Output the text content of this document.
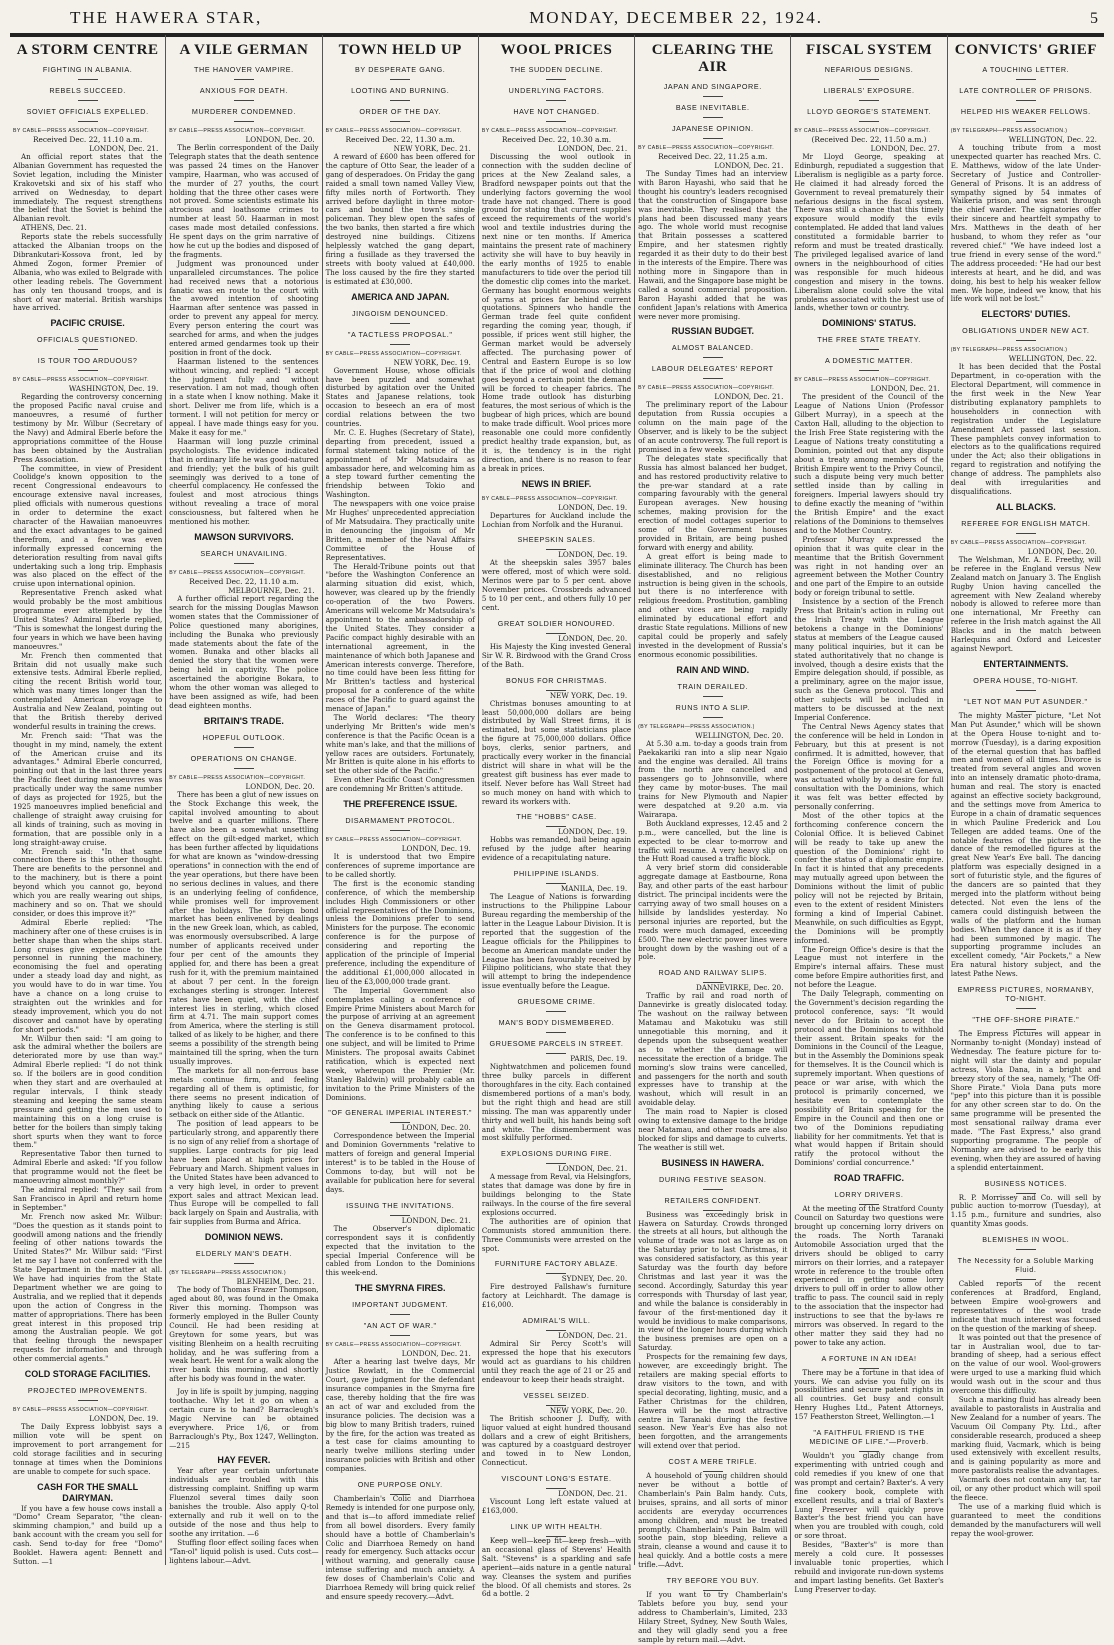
THE HAWERA STAR,	MONDAY, DECEMBER 22, 1924.	5
A STORM CENTRE
FIGHTING IN ALBANIA.
REBELS SUCCEED.
SOVIET OFFICIALS EXPELLED.
BY CABLE—PRESS ASSOCIATION—COPYRIGHT.
Received Dec. 22, 11.10 a.m.
LONDON, Dec. 21.

An official report states that the Albanian Government has requested the Soviet legation, including the Minister Krakovetski and six of his staff who arrived on Wednesday, to depart immediately. The request strengthens the belief that the Soviet is behind the Albanian revolt.

ATHENS, Dec. 21.

Reports state the rebels successfully attacked the Albanian troops on the Dibrankutari-Kossova front, led by Ahmed Zogon, former Premier of Albania, who was exiled to Belgrade with other leading rebels. The Government has only ten thousand troops, and is short of war material. British warships have arrived.

PACIFIC CRUISE.
OFFICIALS QUESTIONED.
IS TOUR TOO ARDUOUS?
BY CABLE—PRESS ASSOCIATION—COPYRIGHT.
WASHINGTON, Dec. 19.

Regarding the controversy concerning the proposed Pacific naval cruise and manoeuvres, a resumé of further testimony by Mr. Wilbur (Secretary of the Navy) and Admiral Eberle before the appropriations committee of the House has been obtained by the Australian Press Association.

The committee, in view of President Coolidge's known opposition to the recent Congressional endeavours to encourage extensive naval increases, plied officials with numerous questions in order to determine the exact character of the Hawaiian manoeuvres and the exact advantages to be gained therefrom, and a fear was even informally expressed concerning the deterioration resulting from naval gifts undertaking such a long trip. Emphasis was also placed on the effect of the cruise upon international opinion.

Representative French asked what would probably be the most ambitious programme ever attempted by the United States? Admiral Eberle replied, "This is somewhat the longest during the four years in which we have been having manoeuvres."

Mr. French then commented that Britain did not usually make such extensive tests. Admiral Eberle replied, citing the recent British world tour, which was many times longer than the contemplated American voyage to Australia and New Zealand, pointing out that the British thereby derived wonderful results in training the crews.

Mr. French said: "That was the thought in my mind, namely, the extent of the American cruise and its advantages." Admiral Eberle concurred, pointing out that in the last three years the Pacific fleet during manoeuvres was practically under way the same number of days as projected for 1925, but the 1925 manoeuvres implied beneficial and challenge of straight away cruising for all kinds of training, such as moving in formation, that are possible only in a long straight-away cruise.

Mr. French said: "In that same connection there is this other thought. There are benefits to the personnel and to the machinery, but is there a point beyond which you cannot go, beyond which you are really wearing out ships, machinery and so on. That we should consider, or does this improve it?"

Admiral Eberle replied: "The machinery after one of these cruises is in better shape than when the ships start. Long cruises give experience to the personnel in running the machinery, economising the fuel and operating under a steady load day and night, as you would have to do in war time. You have a chance on a long cruise to straighten out the wrinkles and for steady improvement, which you do not discover and cannot have by operating for short periods."

Mr. Wilbur then said: "I am going to ask the admiral whether the boilers are deteriorated more by use than way." Admiral Eberle replied: "I do not think so. If the boilers are in good condition when they start and are overhauled at regular intervals, I think steady steaming and keeping the same steam pressure and getting the men used to maintaining this on a long cruise is better for the boilers than simply taking short spurts when they want to force them."

Representative Tabor then turned to Admiral Eberle and asked: "If you follow that programme would not the fleet be manoeuvring almost monthly?"

The admiral replied: "They sail from San Francisco in April and return home in September."

Mr. French now asked Mr. Wilbur: "Does the question as it stands point to goodwill among nations and the friendly feeling of other nations towards the United States?" Mr. Wilbur said: "First let me say I have not conferred with the State Department in the matter at all. We have had inquiries from the State Department whether we are going to Australia, and we replied that it depends upon the action of Congress in the matter of appropriations. There has been great interest in this proposed trip among the Australian people. We got that feeling through the newspaper requests for information and through other commercial agents."

COLD STORAGE FACILITIES.
PROJECTED IMPROVEMENTS.
BY CABLE—PRESS ASSOCIATION—COPYRIGHT.
LONDON, Dec. 19.

The Daily Express lobbyist says a million vote will be spent on improvement to port arrangement for cold storage facilities and in securing tonnage at times when the Dominions are unable to compete for such space.

CASH FOR THE SMALL DAIRYMAN.

If you have a few house cows install a "Domo" Cream Separator, "the clean-skimming champion," and build up a bank account with the cream you sell for cash. Send to-day for free "Domo" Booklet. Hawera agent: Bennett and Sutton. —1

A VILE GERMAN
THE HANOVER VAMPIRE.
ANXIOUS FOR DEATH.
MURDERER CONDEMNED.
BY CABLE—PRESS ASSOCIATION—COPYRIGHT.
LONDON, Dec. 20.

The Berlin correspondent of the Daily Telegraph states that the death sentence was passed 24 times on the Hanover vampire, Haarman, who was accused of the murder of 27 youths, the court holding that the three other cases were not proved. Some scientists estimate his atrocious and loathsome crimes to number at least 50. Haarman in most cases made most detailed confessions. He spent days on the grim narrative of how he cut up the bodies and disposed of the fragments.

Judgment was pronounced under unparalleled circumstances. The police had received news that a notorious fanatic was en route to the court with the avowed intention of shooting Haarman after sentence was passed in order to prevent any appeal for mercy. Every person entering the court was searched for arms, and when the judges entered armed gendarmes took up their position in front of the dock.

Haarman listened to the sentences without wincing, and replied: "I accept the judgment fully and without reservation. I am not mad, though often in a state when I know nothing. Make it short. Deliver me from life, which is a torment. I will not petition for mercy or appeal. I have made things easy for you. Make it easy for me."

Haarman will long puzzle criminal psychologists. The evidence indicated that in ordinary life he was good-natured and friendly; yet the bulk of his guilt seemingly was derived to a tone of cheerful complacency. He confessed the foulest and most atrocious things without revealing a trace of moral consciousness, but faltered when he mentioned his mother.

MAWSON SURVIVORS.
SEARCH UNAVAILING.
BY CABLE—PRESS ASSOCIATION—COPYRIGHT.
Received Dec. 22, 11.10 a.m.
MELBOURNE, Dec. 21.

A further official report regarding the search for the missing Douglas Mawson women states that the Commissioner of Police questioned many aborigines, including the Bunaka who previously made statements about the fate of the women. Bunaka and other blacks all denied the story that the women were being held in captivity. The police ascertained the aborigine Bokara, to whom the other woman was alleged to have been assigned as wife, had been dead eighteen months.

BRITAIN'S TRADE.
HOPEFUL OUTLOOK.
OPERATIONS ON CHANGE.
BY CABLE—PRESS ASSOCIATION—COPYRIGHT.
LONDON, Dec. 20.

There has been a glut of new issues on the Stock Exchange this week, the capital involved amounting to about twelve and a quarter millions. There have also been a somewhat unsettling effect on the gilt-edged market, which has been further affected by liquidations for what are known as "window-dressing operations" in connection with the end of the year operations, but there have been no serious declines in values, and there is an underlying feeling of confidence, while promises well for improvement after the holidays. The foreign bond market has been enlivened by dealings in the new Greek loan, which, as cabled, was enormously oversubscribed. A large number of applicants received under four per cent of the amounts they applied for, and there has been a great rush for it, with the premium maintained at about 7 per cent. In the foreign exchanges sterling is stronger. Interest rates have been quiet, with the chief interest lies in sterling, which closed firm at 4.71. The main support comes from America, where the sterling is still talked of as likely to be higher, and there seems a possibility of the strength being maintained till the spring, when the turn usually improves.

The markets for all non-ferrous base metals continue firm, and feeling regarding all of them is optimistic, for there seems no present indication of anything likely to cause a serious setback on either side of the Atlantic.

The position of lead appears to be particularly strong, and apparently there is no sign of any relief from a shortage of supplies. Large contracts for pig lead have been placed at high prices for February and March. Shipment values in the United States have been advanced to a very high level, in order to prevent export sales and attract Mexican lead. Thus Europe will be compelled to fall back largely on Spain and Australia, with fair supplies from Burma and Africa.

DOMINION NEWS.
ELDERLY MAN'S DEATH.
(BY TELEGRAPH—PRESS ASSOCIATION.)
BLENHEIM, Dec. 21.

The body of Thomas Frazer Thompson, aged about 80, was found in the Omaka River this morning. Thompson was formerly employed in the Buller County Council. He had been residing at Greytown for some years, but was visiting Blenheim on a health recruiting holiday, and he was suffering from a weak heart. He went for a walk along the river bank this morning, and shortly after his body was found in the water.

Joy in life is spoilt by jumping, nagging toothache. Why let it go on when a certain cure is to hand? Barracleugh's Magic Nervine can be obtained everywhere. Price 1/6, or from Barraclough's Pty., Box 1247, Wellington. —215

HAY FEVER.

Year after year certain unfortunate individuals are troubled with this distressing complaint. Sniffing up warm Fluenzol several times daily soon banishes the trouble. Also apply Q-tol externally and rub it well on to the outside of the nose and thus help to soothe any irritation. —6

Stuffing floor effect soiling faces when "Tan-ol" liquid polish is used. Cuts cost—lightens labour.—Advt.

TOWN HELD UP
BY DESPERATE GANG.
LOOTING AND BURNING.
ORDER OF THE DAY.
BY CABLE—PRESS ASSOCIATION—COPYRIGHT.
Received Dec. 22, 11.30 a.m.
NEW YORK, Dec. 21.

A reward of £600 has been offered for the capture of Otto Sear, the leader of a gang of desperadoes. On Friday the gang raided a small town named Valley View, fifty miles north of Fortworth. They arrived before daylight in three motor-cars and bound the town's single policeman. They blew open the safes of the two banks, then started a fire which destroyed nine buildings. Citizens helplessly watched the gang depart, firing a fusillade as they traversed the streets with booty valued at £40,000. The loss caused by the fire they started is estimated at £30,000.

AMERICA AND JAPAN.
JINGOISM DENOUNCED.
"A TACTLESS PROPOSAL."
BY CABLE—PRESS ASSOCIATION—COPYRIGHT.
NEW YORK, Dec. 19.

Government House, whose officials have been puzzled and somewhat disturbed by agitation over the United States and Japanese relations, took occasion to beseech an era of most cordial relations between the two countries.

Mr. C. E. Hughes (Secretary of State), departing from precedent, issued a formal statement taking notice of the appointment of Mr Matsudaira as ambassador here, and welcoming him as a step toward further cementing the friendship between Tokio and Washington.

The newspapers with one voice praise Mr Hughes' unprecedented appreciation of Mr Matsudaira. They practically unite in denouncing the jingoism of Mr Britten, a member of the Naval Affairs Committee of the House of Representatives.

The Herald-Tribune points out that "before the Washington Conference an alarming situation did exist, which, however, was cleared up by the friendly co-operation of the two Powers. Americans will welcome Mr Matsudaira's appointment to the ambassadorship of the United States. They consider a Pacific compact highly desirable with an international agreement, in the maintenance of which both Japanese and American interests converge. Therefore, no time could have been less fitting for Mr Britten's tactless and hysterical proposal for a conference of the white races of the Pacific to guard against the menace of Japan."

The World declares: "The theory underlying Mr Britten's wide men's conference is that the Pacific Ocean is a white man's lake, and that the millions of yellow races are outsiders. Fortunately, Mr Britten is quite alone in his efforts to set the other side of the Pacific."

Even other Pacific Coast Congressmen are condemning Mr Britten's attitude.

THE PREFERENCE ISSUE.
DISARMAMENT PROTOCOL.
BY CABLE—PRESS ASSOCIATION—COPYRIGHT.
LONDON, Dec. 19.

It is understood that two Empire conferences of supreme importance are to be called shortly.

The first is the economic standing conference, of which the membership includes High Commissioners or other official representatives of the Dominions, unless the Dominions prefer to send Ministers for the purpose. The economic conference is for the purpose of considering and reporting the application of the principle of Imperial preference, including the expenditure of the additional £1,000,000 allocated in lieu of the £3,000,000 trade grant.

The Imperial Government also contemplates calling a conference of Empire Prime Ministers about March for the purpose of arriving at an agreement on the Geneva disarmament protocol. The conference is to be confined to this one subject, and will be limited to Prime Ministers. The proposal awaits Cabinet ratification, which is expected next week, whereupon the Premier (Mr. Stanley Baldwin) will probably cable an invitation to the Prime Ministers of the Dominions.

"OF GENERAL IMPERIAL INTEREST."
LONDON, Dec. 20.

Correspondence between the Imperial and Dominion Governments "relative to matters of foreign and general Imperial interest" is to be tabled in the House of Commons to-day, but will not be available for publication here for several days.

ISSUING THE INVITATIONS.
LONDON, Dec. 21.

The Observer's diplomatic correspondent says it is confidently expected that the invitation to the special Imperial Conference will be cabled from London to the Dominions this week-end.

THE SMYRNA FIRES.
IMPORTANT JUDGMENT.
"AN ACT OF WAR."
BY CABLE—PRESS ASSOCIATION—COPYRIGHT.
LONDON, Dec. 21.

After a hearing last twelve days, Mr Justice Rowlatt, in the Commercial Court, gave judgment for the defendant insurance companies in the Smyrna fire case, thereby holding that the fire was an act of war and excluded from the insurance policies. The decision was a big blow to many British traders, ruined by the fire, for the action was treated as a test case for claims amounting to nearly twelve millions sterling under insurance policies with British and other companies.

ONE PURPOSE ONLY.

Chamberlain's Colic and Diarrhoea Remedy is intended for one purpose only, and that is—to afford immediate relief from all bowel disorders. Every family should have a bottle of Chamberlain's Colic and Diarrhoea Remedy on hand ready for emergency. Such attacks occur without warning, and generally cause intense suffering and much anxiety. A few doses of Chamberlain's Colic and Diarrhoea Remedy will bring quick relief and ensure speedy recovery.—Advt.

WOOL PRICES
THE SUDDEN DECLINE.
UNDERLYING FACTORS.
HAVE NOT CHANGED.
BY CABLE—PRESS ASSOCIATION—COPYRIGHT.
Received Dec. 22, 10.30 a.m.
LONDON, Dec. 21.

Discussing the wool outlook in connection with the sudden decline of prices at the New Zealand sales, a Bradford newspaper points out that the underlying factors governing the wool trade have not changed. There is good ground for stating that current supplies exceed the requirements of the world's wool and textile industries during the next nine or ten months. If America maintains the present rate of machinery activity she will have to buy heavily in the early months of 1925 to enable manufacturers to tide over the period till the domestic clip comes into the market. Germany has bought enormous weights of yarns at prices far behind current quotations. Spinners who handle the German trade feel quite confident regarding the coming year, though, if possible, if prices went still higher, the German market would be adversely affected. The purchasing power of Central and Eastern Europe is so low that if the price of wool and clothing goes beyond a certain point the demand will be forced to cheaper fabrics. The Home trade outlook has disturbing features, the most serious of which is the bugbear of high prices, which are bound to make trade difficult. Wool prices more reasonable one could more confidently predict healthy trade expansion, but, as it is, the tendency is in the right direction, and there is no reason to fear a break in prices.

NEWS IN BRIEF.
BY CABLE—PRESS ASSOCIATION—COPYRIGHT.
LONDON, Dec. 19.

Departures for Auckland include the Lochian from Norfolk and the Huranui.

SHEEPSKIN SALES.
LONDON, Dec. 19.

At the sheepskin sales 3957 bales were offered, most of which were sold. Merinos were par to 5 per cent. above November prices. Crossbreds advanced 5 to 10 per cent., and others fully 10 per cent.

GREAT SOLDIER HONOURED.
LONDON, Dec. 20.

His Majesty the King invested General Sir W. R. Birdwood with the Grand Cross of the Bath.

BONUS FOR CHRISTMAS.
NEW YORK, Dec. 19.

Christmas bonuses amounting to at least 50,000,000 dollars are being distributed by Wall Street firms, it is estimated, but some statisticians place the figure at 75,000,000 dollars. Office boys, clerks, senior partners, and practically every worker in the financial district will share in what will be the greatest gift business has ever made to itself. Never before has Wall Street had so much money on hand with which to reward its workers with.

THE "HOBBS" CASE.
LONDON, Dec. 19.

Hobbs was remanded, bail being again refused by the judge after hearing evidence of a recapitulating nature.

PHILIPPINE ISLANDS.
MANILA, Dec. 19.

The League of Nations is forwarding instructions to the Philippine Labour Bureau regarding the membership of the latter in the League Labour Division. It is reported that the suggestion of the League officials for the Philippines to become an American mandate under the League has been favourably received by Filipino politicians, who state that they will attempt to bring the independence issue eventually before the League.

GRUESOME CRIME.
MAN'S BODY DISMEMBERED.
GRUESOME PARCELS IN STREET.
PARIS, Dec. 19.

Nightwatchmen and policemen found three bulky parcels in different thoroughfares in the city. Each contained dismembered portions of a man's body, but the right thigh and head are still missing. The man was apparently under thirty and well built, his hands being soft and white. The dismemberment was most skilfully performed.

EXPLOSIONS DURING FIRE.
LONDON, Dec. 21.

A message from Reval, via Helsingfors, states that damage was done by fire in buildings belonging to the State railways. In the course of the fire several explosions occurred.

The authorities are of opinion that Communists stored ammunition there. Three Communists were arrested on the spot.

FURNITURE FACTORY ABLAZE.
SYDNEY, Dec. 20.

Fire destroyed Fallshaw's furniture factory at Leichhardt. The damage is £16,000.

ADMIRAL'S WILL.
LONDON, Dec. 21.

Admiral Sir Percy Scott's will expressed the hope that his executors would act as guardians to his children until they reach the age of 21 or 25 and endeavour to keep their heads straight.

VESSEL SEIZED.
NEW YORK, Dec. 20.

The British schooner J. Duffy, with liquor valued at eight hundred thousand dollars and a crew of eight Britishers, was captured by a coastguard destroyer and towed in to New London, Connecticut.

VISCOUNT LONG'S ESTATE.
LONDON, Dec. 21.

Viscount Long left estate valued at £163,000.

LINK UP WITH HEALTH.

Keep well—keep fit—keep fresh—with an occasional glass of Stevens' Health Salt. "Stevens" is a sparkling and safe aperient—aids nature in a gentle natural way. Cleanses the system and purifies the blood. Of all chemists and stores. 2s 6d a bottle. 2

CLEARING THE AIR
JAPAN AND SINGAPORE.
BASE INEVITABLE.
JAPANESE OPINION.
BY CABLE—PRESS ASSOCIATION—COPYRIGHT.
Received Dec. 22, 11.25 a.m.
LONDON, Dec. 21.

The Sunday Times had an interview with Baron Hayashi, who said that he thought his country's leaders recognised that the construction of Singapore base was inevitable. They realised that the plans had been discussed many years ago. The whole world must recognise that Britain possesses a scattered Empire, and her statesmen rightly regarded it as their duty to do their best in the interests of the Empire. There was nothing more in Singapore than in Hawaii, and the Singapore base might be called a sound commercial proposition. Baron Hayashi added that he was confident Japan's relations with America were never more promising.

RUSSIAN BUDGET.
ALMOST BALANCED.
LABOUR DELEGATES' REPORT
BY CABLE—PRESS ASSOCIATION—COPYRIGHT.
LONDON, Dec. 21.

The preliminary report of the Labour deputation from Russia occupies a column on the main page of the Observer, and is likely to be the subject of an acute controversy. The full report is promised in a few weeks.

The delegates state specifically that Russia has almost balanced her budget, and has restored productivity relative to the pre-war standard at a rate comparing favourably with the general European averages. New housing schemes, making provision for the erection of model cottages superior to some of the Government houses provided in Britain, are being pushed forward with energy and ability.

A great effort is being made to eliminate illiteracy. The Church has been disestablished, and no religious instruction is being given in the schools, but there is no interference with religious freedom. Prostitution, gambling and other vices are being rapidly eliminated by educational effort and drastic State regulations. Millions of new capital could be properly and safely invested in the development of Russia's enormous economic possibilities.

RAIN AND WIND.
TRAIN DERAILED.
RUNS INTO A SLIP.
(BY TELEGRAPH—PRESS ASSOCIATION.)
WELLINGTON, Dec. 20.

At 5.30 a.m. to-day a goods train from Paekakariki ran into a slip near Ngaio and the engine was derailed. All trains from the north are cancelled and passengers go to Johnsonville, where they came by motor-buses. The mail trains for New Plymouth and Napier were despatched at 9.20 a.m. via Wairarapa.

Both Auckland expresses, 12.45 and 2 p.m., were cancelled, but the line is expected to be clear to-morrow and traffic will resume. A very heavy slip on the Hutt Road caused a traffic block.

A very brief storm did considerable aggregate damage at Eastbourne, Rona Bay, and other parts of the east harbour district. The principal incidents were the carrying away of two small houses on a hillside by landslides yesterday. No personal injuries are reported, but the roads were much damaged, exceeding £500. The new electric power lines were brought down by the washing out of a pole.

ROAD AND RAILWAY SLIPS.
DANNEVIRKE, Dec. 20.

Traffic by rail and road north of Dannevirke is greatly dislocated today. The washout on the railway between Matamau and Makotuku was still unnegotiable this morning, and it depends upon the subsequent weather as to whether the damage will necessitate the erection of a bridge. The morning's slow trains were cancelled, and passengers for the north and south expresses have to tranship at the washout, which will result in an avoidable delay.

The main road to Napier is closed owing to extensive damage to the bridge near Matamau, and other roads are also blocked for slips and damage to culverts. The weather is still wet.

BUSINESS IN HAWERA.
DURING FESTIVE SEASON.
RETAILERS CONFIDENT.

Business was exceedingly brisk in Hawera on Saturday. Crowds thronged the streets at all hours, but although the volume of trade was not as large as on the Saturday prior to last Christmas, it was considered satisfactory, as this year Saturday was the fourth day before Christmas and last year it was the second. Accordingly, Saturday this year corresponds with Thursday of last year, and while the balance is considerably in favour of the first-mentioned day it would be invidious to make comparisons, in view of the longer hours during which the business premises are open on a Saturday.

Prospects for the remaining few days, however, are exceedingly bright. The retailers are making special efforts to draw visitors to the town, and with special decorating, lighting, music, and a Father Christmas for the children, Hawera will be the most attractive centre in Taranaki during the festive season. New Year's Eve has also not been forgotten, and the arrangements will extend over that period.

COST A MERE TRIFLE.

A household of young children should never be without a bottle of Chamberlain's Pain Balm handy. Cuts, bruises, sprains, and all sorts of minor accidents are everyday occurrences among children, and must be treated promptly. Chamberlain's Pain Balm will soothe pain, stop bleeding, relieve a strain, cleanse a wound and cause it to heal quickly. And a bottle costs a mere trifle.—Advt.

TRY BEFORE YOU BUY.

If you want to try Chamberlain's Tablets before you buy, send your address to Chamberlain's, Limited, 233 Hilary Street, Sydney, New South Wales, and they will gladly send you a free sample by return mail.—Advt.

FISCAL SYSTEM
NEFARIOUS DESIGNS.
LIBERALS' EXPOSURE.
LLOYD GEORGE'S STATEMENT.
BY CABLE—PRESS ASSOCIATION—COPYRIGHT.
(Received Dec. 22, 11.50 a.m.)
LONDON, Dec. 27.

Mr Lloyd George, speaking at Edinburgh, repudiated a suggestion that Liberalism is negligible as a party force. He claimed it had already forced the Government to reveal prematurely their nefarious designs in the fiscal system. There was still a chance that this timely exposure would modify the evils contemplated. He added that land values constituted a formidable barrier to reform and must be treated drastically. The privileged legalised avarice of land owners in the neighbourhood of cities was responsible for much hideous congestion and misery in the towns. Liberalism alone could solve the vital problems associated with the best use of lands, whether town or country.

DOMINIONS' STATUS.
THE FREE STATE TREATY.
A DOMESTIC MATTER.
BY CABLE—PRESS ASSOCIATION—COPYRIGHT.
LONDON, Dec. 21.

The president of the Council of the League of Nations Union (Professor Gilbert Murray), in a speech at the Caxton Hall, alluding to the objection to the Irish Free State registering with the League of Nations treaty constituting a Dominion, pointed out that any dispute about a treaty among members of the British Empire went to the Privy Council, such a dispute being very much better settled inside than by calling in foreigners. Imperial lawyers should try to define exactly the meaning of "within the British Empire" and the exact relations of the Dominions to themselves and to the Mother Country.

Professor Murray expressed the opinion that it was quite clear in the meantime that the British Government was right in not handing over an agreement between the Mother Country and one part of the Empire to an outside body or foreign tribunal to settle.

Insistence by a section of the French Press that Britain's action in ruling out the Irish Treaty with the League betokens a change in the Dominions' status at members of the League caused many political inquiries, but it can be stated authoritatively that no change is involved, though a desire exists that the Empire delegation should, if possible, as a preliminary, agree on the major issue, such as the Geneva protocol. This and other subjects will be included in matters to be discussed at the next Imperial Conference.

The Central News Agency states that the conference will be held in London in February, but this at present is not confirmed. It is admitted, however, that the Foreign Office is moving for a postponement of the protocol at Geneva, was actuated wholly by a desire for full consultation with the Dominions, which it was felt was better effected by personally conferring.

Most of the other topics at the forthcoming conference concern the Colonial Office. It is believed Cabinet will be ready to take up anew the question of the Dominions' right to confer the status of a diplomatic empire. In fact it is hinted that any precedents may mutually agreed upon between the Dominions without the limit of public policy will not be rejected by Britain, even to the extent of resident Ministers forming a kind of Imperial Cabinet. Meanwhile, on such difficulties as Egypt, the Dominions will be promptly informed.

The Foreign Office's desire is that the League must not interfere in the Empire's internal affairs. These must come before Empire authorities first, and not before the League.

The Daily Telegraph, commenting on the Government's decision regarding the protocol conference, says: "It would never do for Britain to accept the protocol and the Dominions to withhold their assent. Britain speaks for the Dominions in the Council of the League, but in the Assembly the Dominions speak for themselves. It is the Council which is supremely important. When questions of peace or war arise, with which the protocol is primarily concerned, we hesitate even to contemplate the possibility of Britain speaking for the Empire in the Council and then one or two of the Dominions repudiating liability for her commitments. Yet that is what would happen if Britain should ratify the protocol without the Dominions' cordial concurrence."

ROAD TRAFFIC.
LORRY DRIVERS.

At the meeting of the Stratford County Council on Saturday two questions were brought up concerning lorry drivers on the roads. The North Taranaki Automobile Association urged that the drivers should be obliged to carry mirrors on their lorries, and a ratepayer wrote in reference to the trouble often experienced in getting some lorry drivers to pull off in order to allow other traffic to pass. The council said in reply to the association that the inspector had instructions to see that the by-laws re mirrors was observed. In regard to the other matter they said they had no power to take any action.

A FORTUNE IN AN IDEA!

There may be a fortune in that idea of yours. We can advise you fully on its possibilities and secure patent rights in all countries. Get busy and consult Henry Hughes Ltd., Patent Attorneys, 157 Featherston Street, Wellington.—1

"A FAITHFUL FRIEND IS THE MEDICINE OF LIFE."—Proverb.

Wouldn't you gladly change from experimenting with untried cough and cold remedies if you knew of one that was prompt and certain? Baxter's. A very fine cookery book, complete with excellent results, and a trial of Baxter's Lung Preserver will quickly prove Baxter's the best friend you can have when you are troubled with cough, cold or sore throat.

Besides, "Baxter's" is more than merely a cold cure. It possesses invaluable tonic properties, which rebuild and invigorate run-down systems and impart lasting benefits. Get Baxter's Lung Preserver to-day.

CONVICTS' GRIEF
A TOUCHING LETTER.
LATE CONTROLLER OF PRISONS.
HELPED HIS WEAKER FELLOWS.
(BY TELEGRAPH—PRESS ASSOCIATION.)
WELLINGTON, Dec. 22.

A touching tribute from a most unexpected quarter has reached Mrs. C. E. Matthews, widow of the late Under-Secretary of Justice and Controller-General of Prisons. It is an address of sympathy signed by 54 inmates of Waikeria prison, and was sent through the chief warder. The signatories offer their sincere and heartfelt sympathy to Mrs. Matthews in the death of her husband, to whom they refer as "our revered chief." "We have indeed lost a true friend in every sense of the word." The address proceeded: "He had our best interests at heart, and he did, and was doing, his best to help his weaker fellow men. We hope, indeed we know, that his life work will not be lost."

ELECTORS' DUTIES.
OBLIGATIONS UNDER NEW ACT.
(BY TELEGRAPH—PRESS ASSOCIATION.)
WELLINGTON, Dec. 22.

It has been decided that the Postal Department, in co-operation with the Electoral Department, will commence in the first week in the New Year distributing explanatory pamphlets to householders in connection with registration under the Legislature Amendment Act passed last session. These pamphlets convey information to electors as to the qualifications required under the Act; also their obligations in regard to registration and notifying the change of address. The pamphlets also deal with irregularities and disqualifications.

ALL BLACKS.
REFEREE FOR ENGLISH MATCH.
BY CABLE—PRESS ASSOCIATION—COPYRIGHT.
LONDON, Dec. 20.

The Welshman, Mr. A. E. Freethy, will be referee in the England versus New Zealand match on January 3. The English Rugby Union having cancelled the agreement with New Zealand whereby nobody is allowed to referee more than one international, Mr Freethy can referee in the Irish match against the All Blacks and in the match between Harlequins and Oxford and Leicester against Newport.

ENTERTAINMENTS.
OPERA HOUSE, TO-NIGHT.
"LET NOT MAN PUT ASUNDER."

The mighty Master picture, "Let Not Man Put Asunder," which will be shown at the Opera House to-night and to-morrow (Tuesday), is a daring exposition of the eternal question that has baffled men and women of all times. Divorce is treated from several angles and woven into an intensely dramatic photo-drama, human and real. The story is enacted against an effective society background, and the settings move from America to Europe in a chain of dramatic sequences in which Pauline Frederick and Lou Tellegen are added teams. One of the notable features of the picture is the dance of the remodelled figures at the great New Year's Eve ball. The dancing platform was especially designed in a sort of futuristic style, and the figures of the dancers are so painted that they merged into the platform without being detected. Not even the lens of the camera could distinguish between the walls of the platform and the human bodies. When they dance it is as if they had been summoned by magic. The supporting programme includes an excellent comedy, "Air Pockets," a New Era natural history subject, and the latest Pathe News.

EMPRESS PICTURES, NORMANBY, TO-NIGHT.
"THE OFF-SHORE PIRATE."

The Empress Pictures will appear in Normanby to-night (Monday) instead of Wednesday. The feature picture for to-night will star the dainty and popular actress, Viola Dana, in a bright and breezy story of the sea, namely, "The Off-Shore Pirate." Viola Dana puts more "pep" into this picture than it is possible for any other screen star to do. On the same programme will be presented the most sensational railway drama ever made. "The Fast Express," also grand supporting programme. The people of Normanby are advised to be early this evening, when they are assured of having a splendid entertainment.

BUSINESS NOTICES.

R. P. Morrissey and Co. will sell by public auction to-morrow (Tuesday), at 1.15 p.m., furniture and sundries, also quantity Xmas goods.

BLEMISHES IN WOOL.
The Necessity for a Soluble Marking Fluid.

Cabled reports of the recent conferences at Bradford, England, between Empire wool-growers and representatives of the wool trade indicate that much interest was focused on the question of the marking of sheep.

It was pointed out that the presence of tar in Australian wool, due to tar-branding of sheep, had a serious effect on the value of our wool. Wool-growers were urged to use a marking fluid which would wash out in the scour and thus overcome this difficulty.

Such a marking fluid has already been available to pastoralists in Australia and New Zealand for a number of years. The Vacuum Oil Company Pty. Ltd., after considerable research, produced a sheep marking fluid, Vacmark, which is being used extensively with excellent results, and is gaining popularity as more and more pastoralists realise the advantages.

Vacmark does not contain any tar, tar oil, or any other product which will spoil the fleece.

The use of a marking fluid which is guaranteed to meet the conditions demanded by the manufacturers will well repay the wool-grower.
